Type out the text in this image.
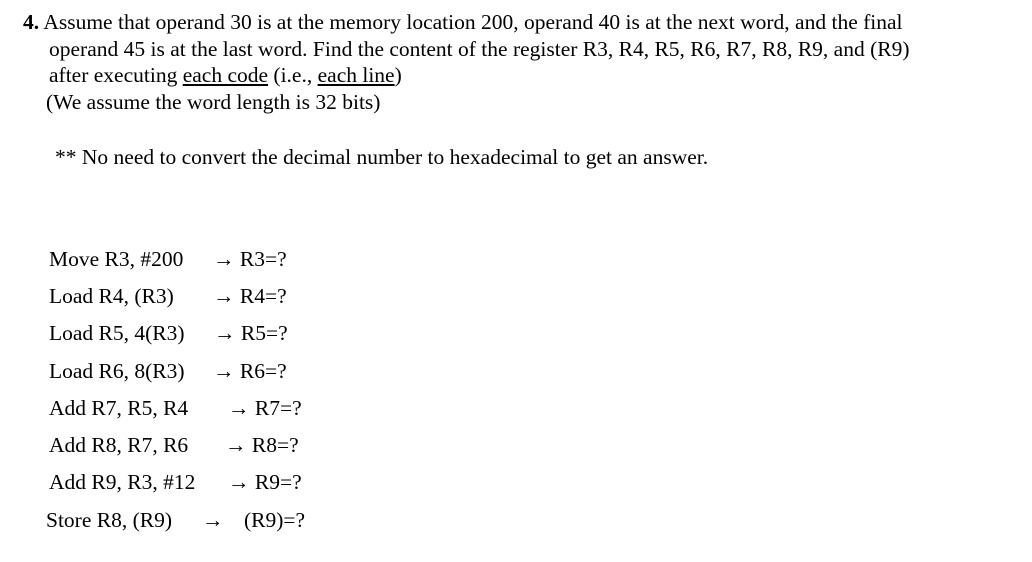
4. Assume that operand 30 is at the memory location 200, operand 40 is at the next word, and the final
operand 45 is at the last word. Find the content of the register R3, R4, R5, R6, R7, R8, R9, and (R9)
after executing each code (i.e., each line)
(We assume the word length is 32 bits)
** No need to convert the decimal number to hexadecimal to get an answer.
Move R3, #200 → R3=?
Load R4, (R3) → R4=?
Load R5, 4(R3) → R5=?
Load R6, 8(R3) → R6=?
Add R7, R5, R4 → R7=?
Add R8, R7, R6 → R8=?
Add R9, R3, #12 → R9=?
Store R8, (R9) → (R9)=?
